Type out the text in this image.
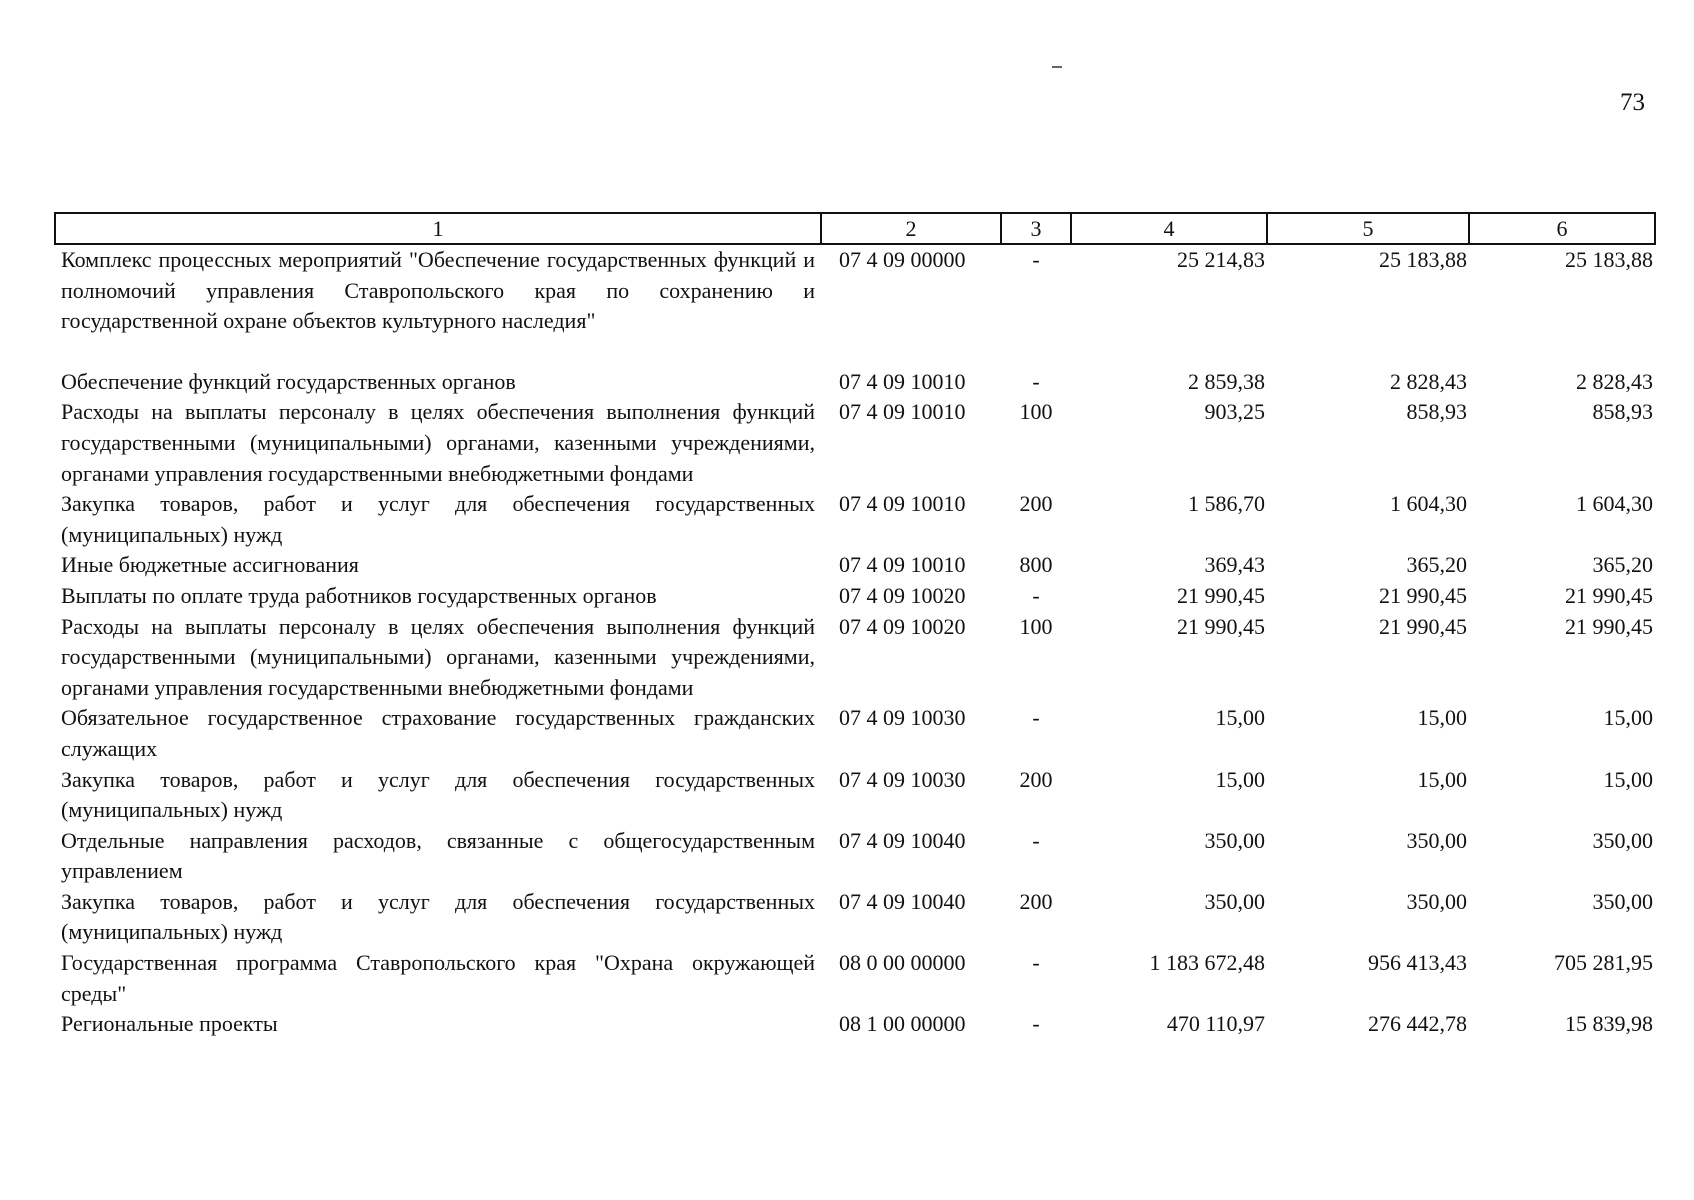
73
1	2	3	4	5	6
Комплекс процессных мероприятий "Обеспечение государственных функций и полномочий управления Ставропольского края по сохранению и государственной охране объектов культурного наследия"	07 4 09 00000	-	25 214,83	25 183,88	25 183,88
Обеспечение функций государственных органов	07 4 09 10010	-	2 859,38	2 828,43	2 828,43
Расходы на выплаты персоналу в целях обеспечения выполнения функций государственными (муниципальными) органами, казенными учреждениями, органами управления государственными внебюджетными фондами	07 4 09 10010	100	903,25	858,93	858,93
Закупка товаров, работ и услуг для обеспечения государственных (муниципальных) нужд	07 4 09 10010	200	1 586,70	1 604,30	1 604,30
Иные бюджетные ассигнования	07 4 09 10010	800	369,43	365,20	365,20
Выплаты по оплате труда работников государственных органов	07 4 09 10020	-	21 990,45	21 990,45	21 990,45
Расходы на выплаты персоналу в целях обеспечения выполнения функций государственными (муниципальными) органами, казенными учреждениями, органами управления государственными внебюджетными фондами	07 4 09 10020	100	21 990,45	21 990,45	21 990,45
Обязательное государственное страхование государственных гражданских служащих	07 4 09 10030	-	15,00	15,00	15,00
Закупка товаров, работ и услуг для обеспечения государственных (муниципальных) нужд	07 4 09 10030	200	15,00	15,00	15,00
Отдельные направления расходов, связанные с общегосударственным управлением	07 4 09 10040	-	350,00	350,00	350,00
Закупка товаров, работ и услуг для обеспечения государственных (муниципальных) нужд	07 4 09 10040	200	350,00	350,00	350,00
Государственная программа Ставропольского края "Охрана окружающей среды"	08 0 00 00000	-	1 183 672,48	956 413,43	705 281,95
Региональные проекты	08 1 00 00000	-	470 110,97	276 442,78	15 839,98
